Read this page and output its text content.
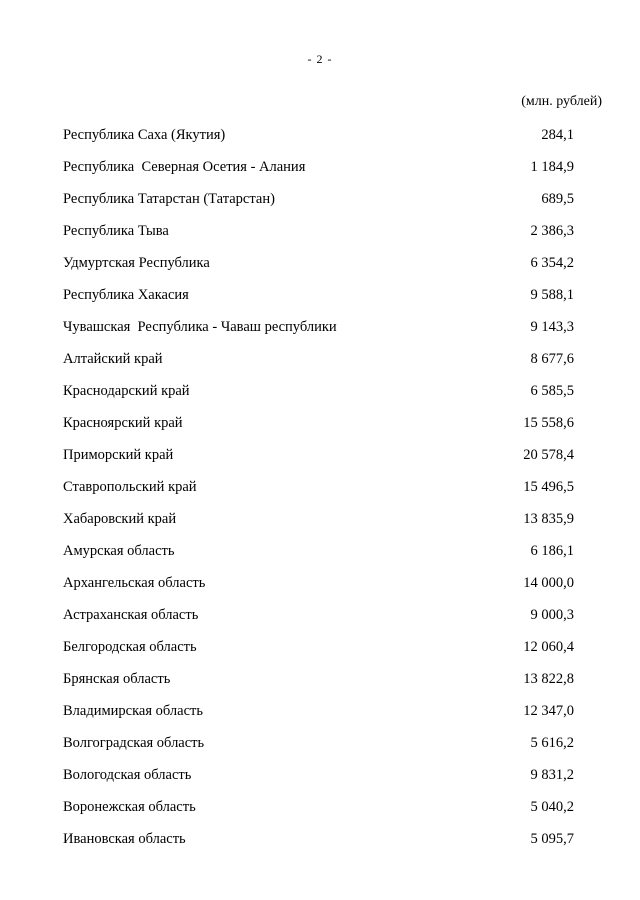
- 2 -
(млн. рублей)
Республика Саха (Якутия)	284,1
Республика  Северная Осетия - Алания	1 184,9
Республика Татарстан (Татарстан)	689,5
Республика Тыва	2 386,3
Удмуртская Республика	6 354,2
Республика Хакасия	9 588,1
Чувашская  Республика - Чаваш республики	9 143,3
Алтайский край	8 677,6
Краснодарский край	6 585,5
Красноярский край	15 558,6
Приморский край	20 578,4
Ставропольский край	15 496,5
Хабаровский край	13 835,9
Амурская область	6 186,1
Архангельская область	14 000,0
Астраханская область	9 000,3
Белгородская область	12 060,4
Брянская область	13 822,8
Владимирская область	12 347,0
Волгоградская область	5 616,2
Вологодская область	9 831,2
Воронежская область	5 040,2
Ивановская область	5 095,7
